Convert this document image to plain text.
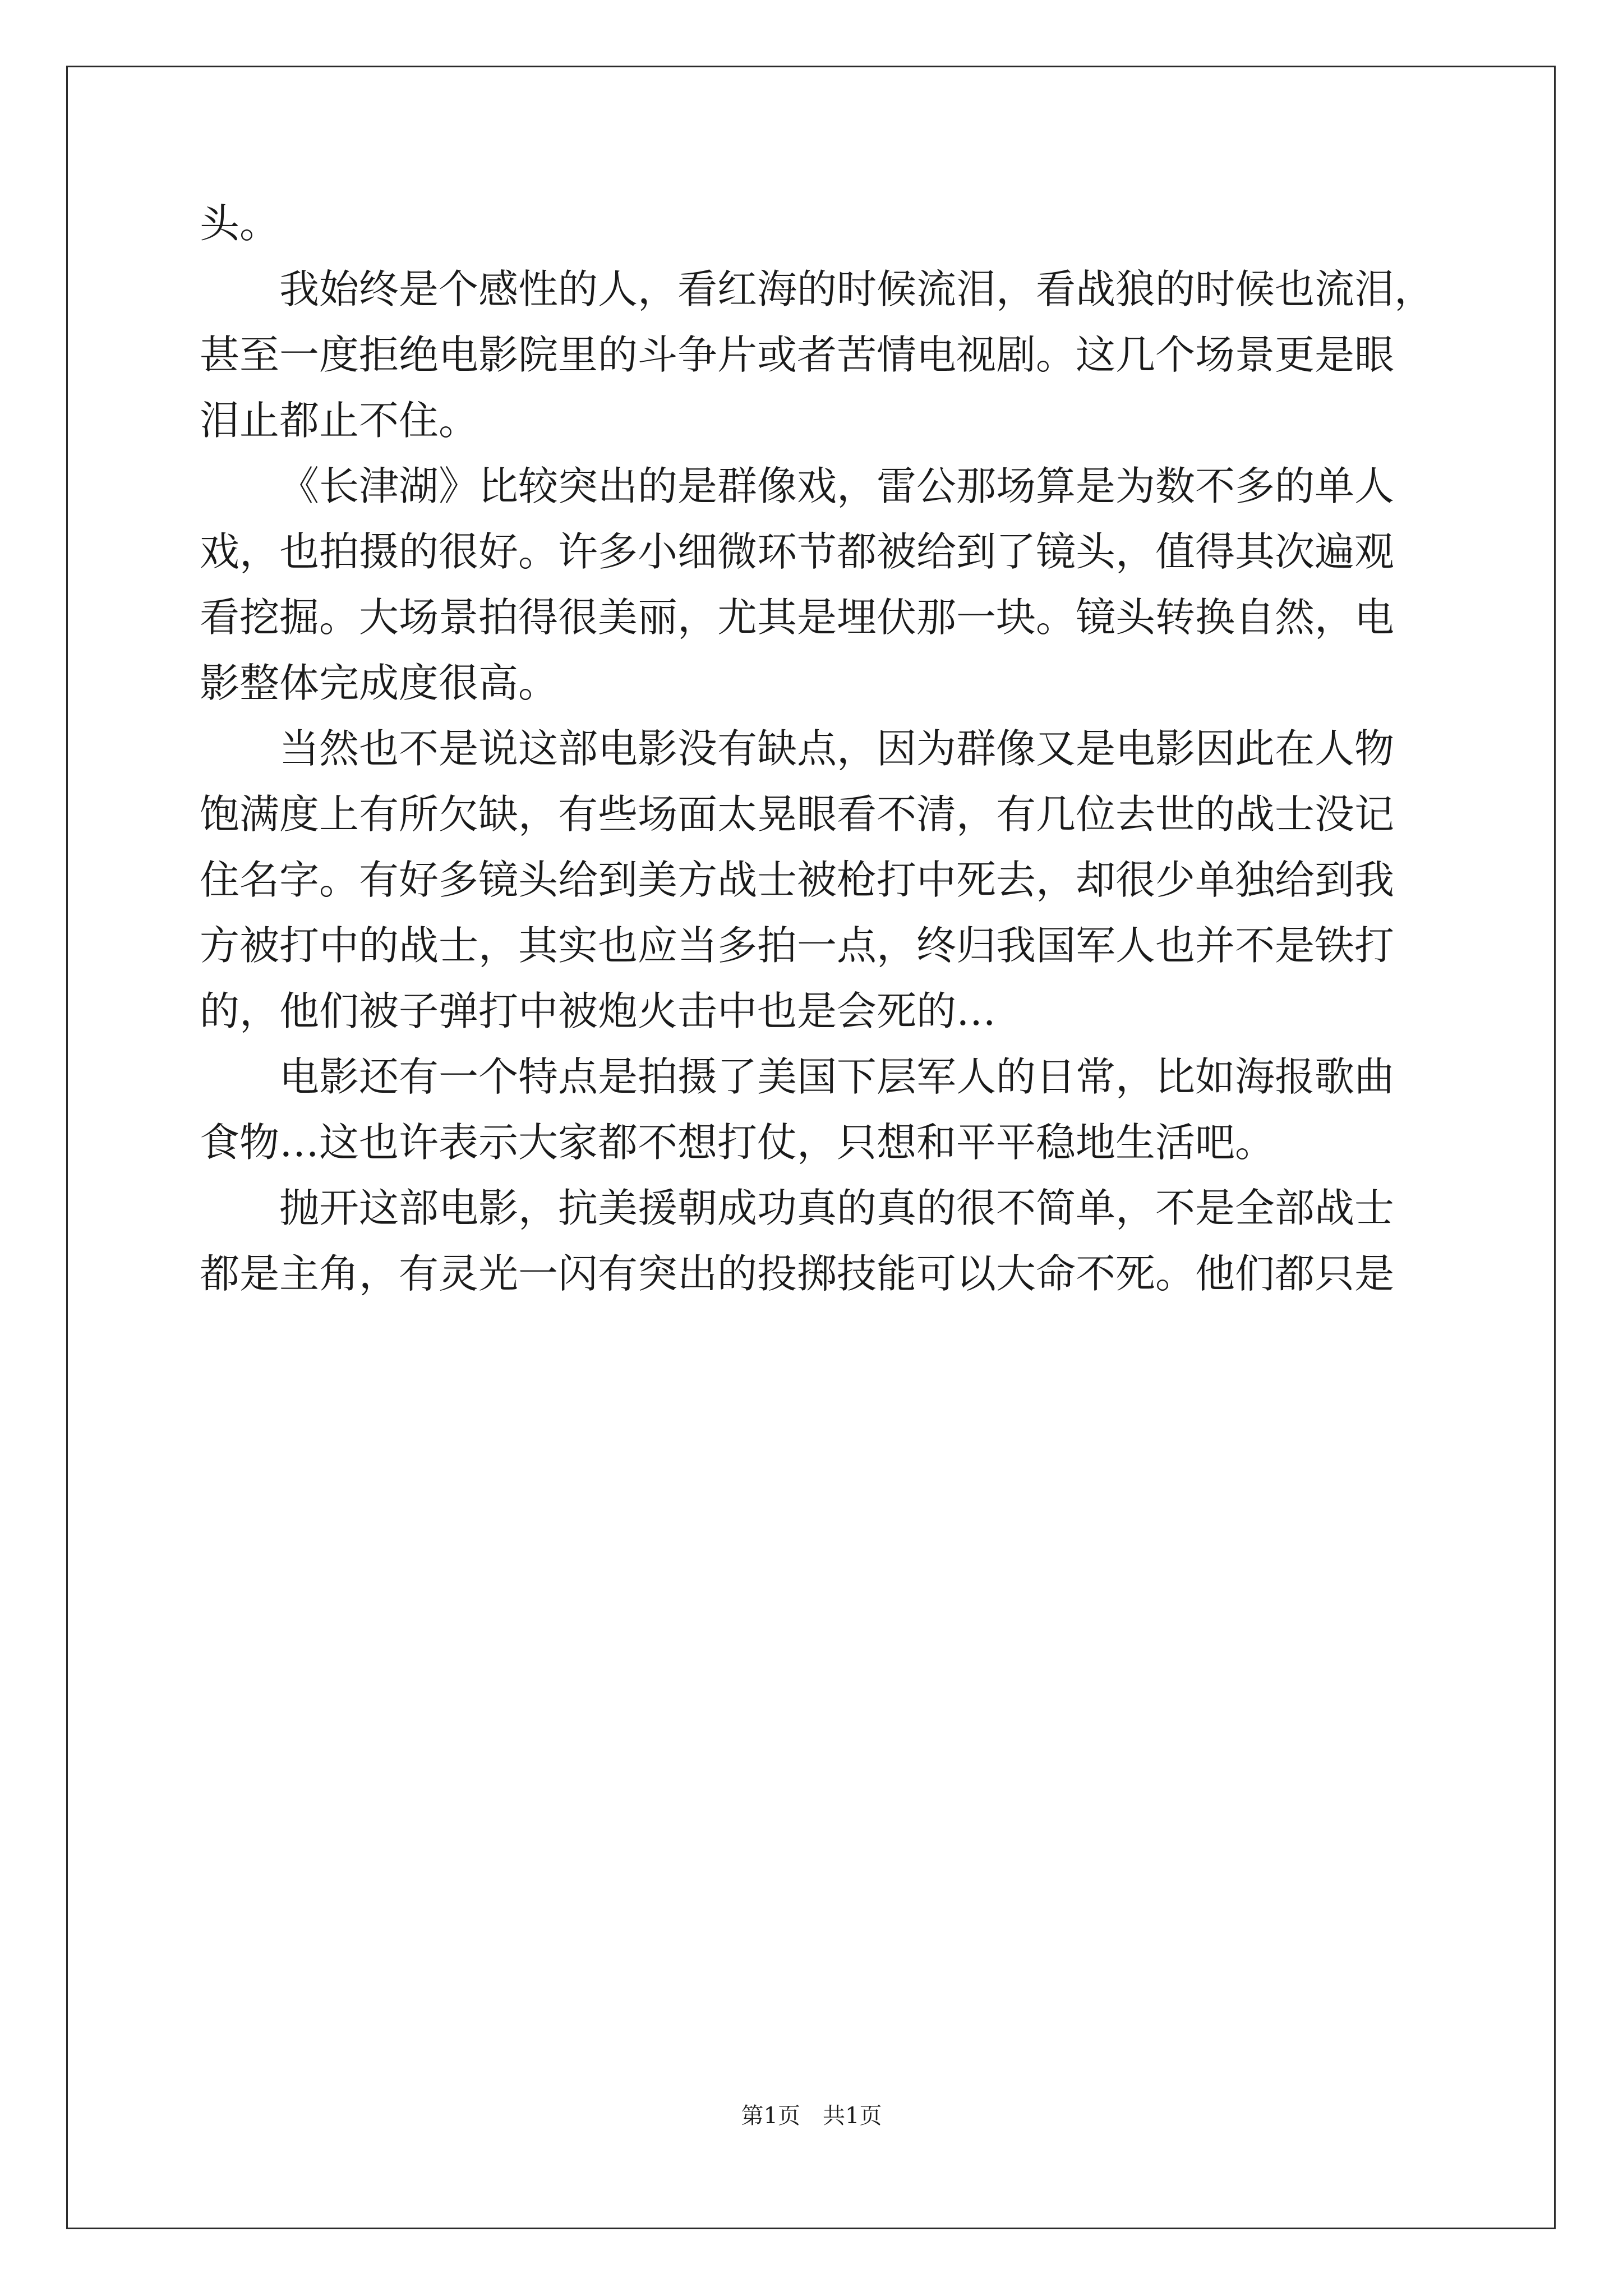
头。

我始终是个感性的人，看红海的时候流泪，看战狼的时候也流泪，

甚至一度拒绝电影院里的斗争片或者苦情电视剧。这几个场景更是眼

泪止都止不住。

《长津湖》比较突出的是群像戏，雷公那场算是为数不多的单人

戏，也拍摄的很好。许多小细微环节都被给到了镜头，值得其次遍观

看挖掘。大场景拍得很美丽，尤其是埋伏那一块。镜头转换自然，电

影整体完成度很高。

当然也不是说这部电影没有缺点，因为群像又是电影因此在人物

饱满度上有所欠缺，有些场面太晃眼看不清，有几位去世的战士没记

住名字。有好多镜头给到美方战士被枪打中死去，却很少单独给到我

方被打中的战士，其实也应当多拍一点，终归我国军人也并不是铁打

的，他们被子弹打中被炮火击中也是会死的…

电影还有一个特点是拍摄了美国下层军人的日常，比如海报歌曲

食物…这也许表示大家都不想打仗，只想和平平稳地生活吧。

抛开这部电影，抗美援朝成功真的真的很不简单，不是全部战士

都是主角，有灵光一闪有突出的投掷技能可以大命不死。他们都只是

第1页　共1页
